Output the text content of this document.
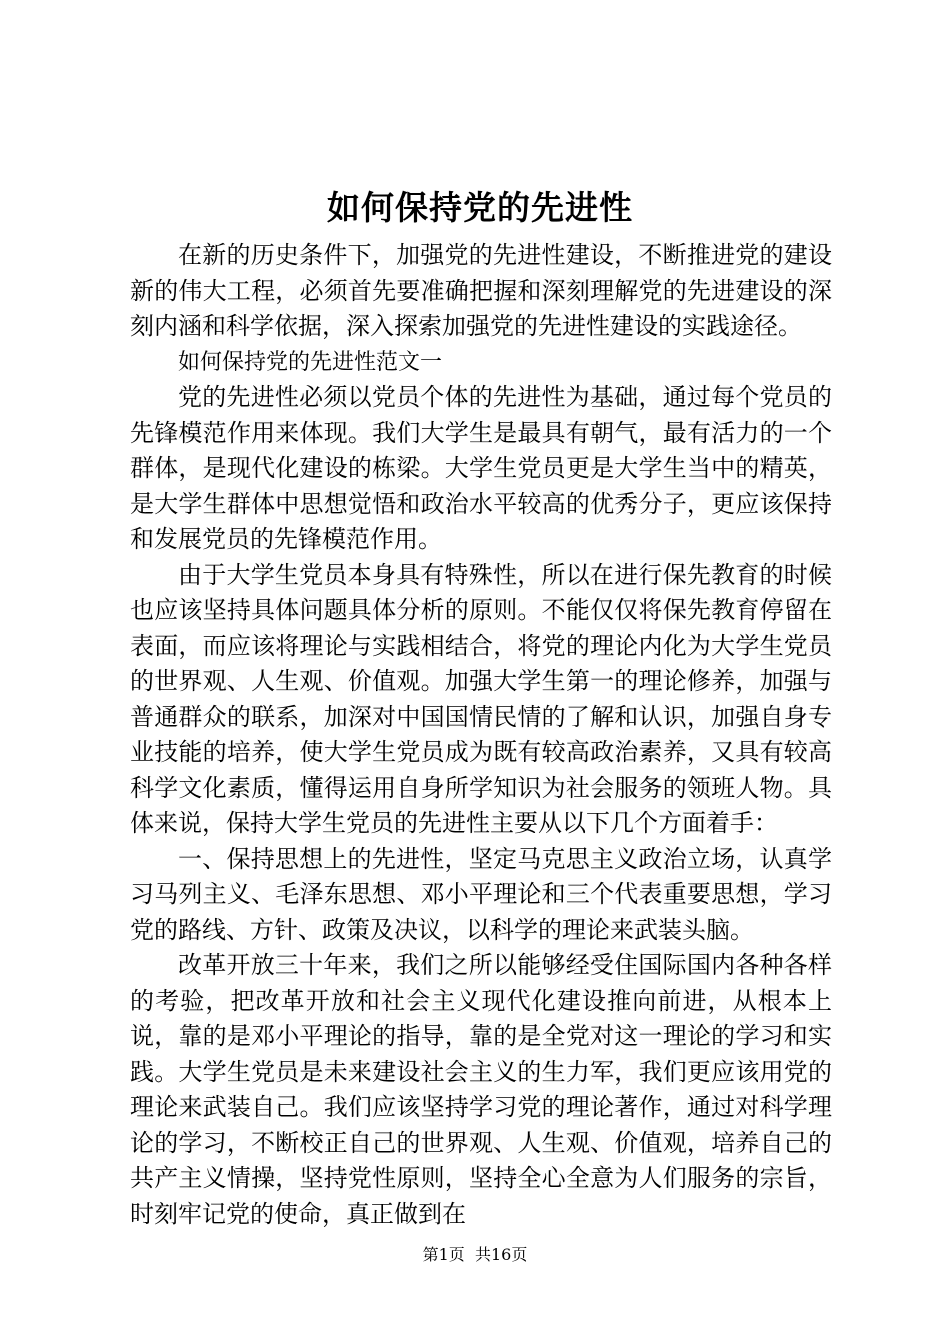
如何保持党的先进性

在新的历史条件下，加强党的先进性建设，不断推进党的建设新的伟大工程，必须首先要准确把握和深刻理解党的先进建设的深刻内涵和科学依据，深入探索加强党的先进性建设的实践途径。

如何保持党的先进性范文一

党的先进性必须以党员个体的先进性为基础，通过每个党员的先锋模范作用来体现。我们大学生是最具有朝气，最有活力的一个群体，是现代化建设的栋梁。大学生党员更是大学生当中的精英，是大学生群体中思想觉悟和政治水平较高的优秀分子，更应该保持和发展党员的先锋模范作用。

由于大学生党员本身具有特殊性，所以在进行保先教育的时候也应该坚持具体问题具体分析的原则。不能仅仅将保先教育停留在表面，而应该将理论与实践相结合，将党的理论内化为大学生党员的世界观、人生观、价值观。加强大学生第一的理论修养，加强与普通群众的联系，加深对中国国情民情的了解和认识，加强自身专业技能的培养，使大学生党员成为既有较高政治素养，又具有较高科学文化素质，懂得运用自身所学知识为社会服务的领班人物。具体来说，保持大学生党员的先进性主要从以下几个方面着手：

一、保持思想上的先进性，坚定马克思主义政治立场，认真学习马列主义、毛泽东思想、邓小平理论和三个代表重要思想，学习党的路线、方针、政策及决议，以科学的理论来武装头脑。

改革开放三十年来，我们之所以能够经受住国际国内各种各样的考验，把改革开放和社会主义现代化建设推向前进，从根本上说，靠的是邓小平理论的指导，靠的是全党对这一理论的学习和实践。大学生党员是未来建设社会主义的生力军，我们更应该用党的理论来武装自己。我们应该坚持学习党的理论著作，通过对科学理论的学习，不断校正自己的世界观、人生观、价值观，培养自己的共产主义情操，坚持党性原则，坚持全心全意为人们服务的宗旨，时刻牢记党的使命，真正做到在

第1页 共16页
